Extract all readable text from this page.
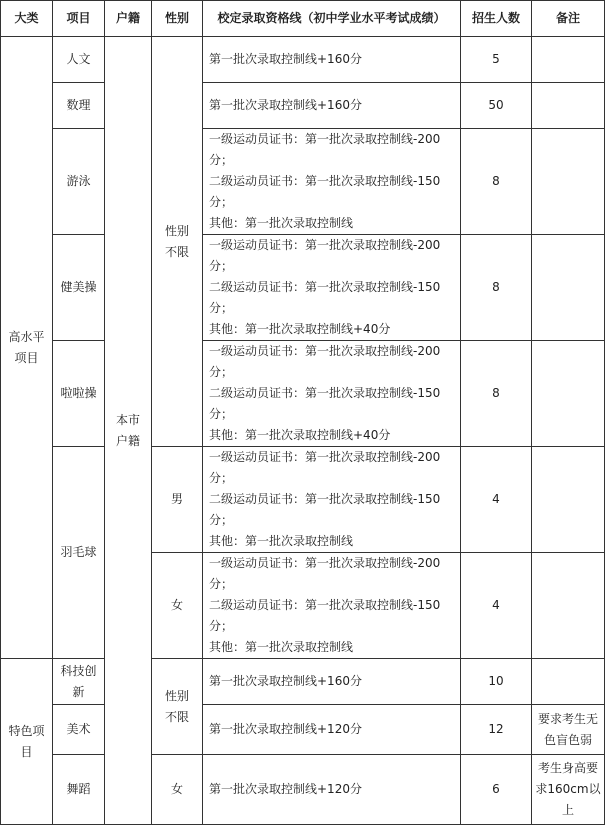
大类	项目	户籍	性别	校定录取资格线（初中学业水平考试成绩）	招生人数	备注
高水平项目	人文	本市户籍	性别不限	第一批次录取控制线+160分	5	
	数理			第一批次录取控制线+160分	50	
	游泳			一级运动员证书：第一批次录取控制线-200分；
二级运动员证书：第一批次录取控制线-150分；
其他：第一批次录取控制线	8	
	健美操			一级运动员证书：第一批次录取控制线-200分；
二级运动员证书：第一批次录取控制线-150分；
其他：第一批次录取控制线+40分	8	
	啦啦操			一级运动员证书：第一批次录取控制线-200分；
二级运动员证书：第一批次录取控制线-150分；
其他：第一批次录取控制线+40分	8	
	羽毛球		男	一级运动员证书：第一批次录取控制线-200分；
二级运动员证书：第一批次录取控制线-150分；
其他：第一批次录取控制线	4	
			女	一级运动员证书：第一批次录取控制线-200分；
二级运动员证书：第一批次录取控制线-150分；
其他：第一批次录取控制线	4	
特色项目	科技创新		性别不限	第一批次录取控制线+160分	10	
	美术			第一批次录取控制线+120分	12	要求考生无色盲色弱
	舞蹈		女	第一批次录取控制线+120分	6	考生身高要求160cm以上
